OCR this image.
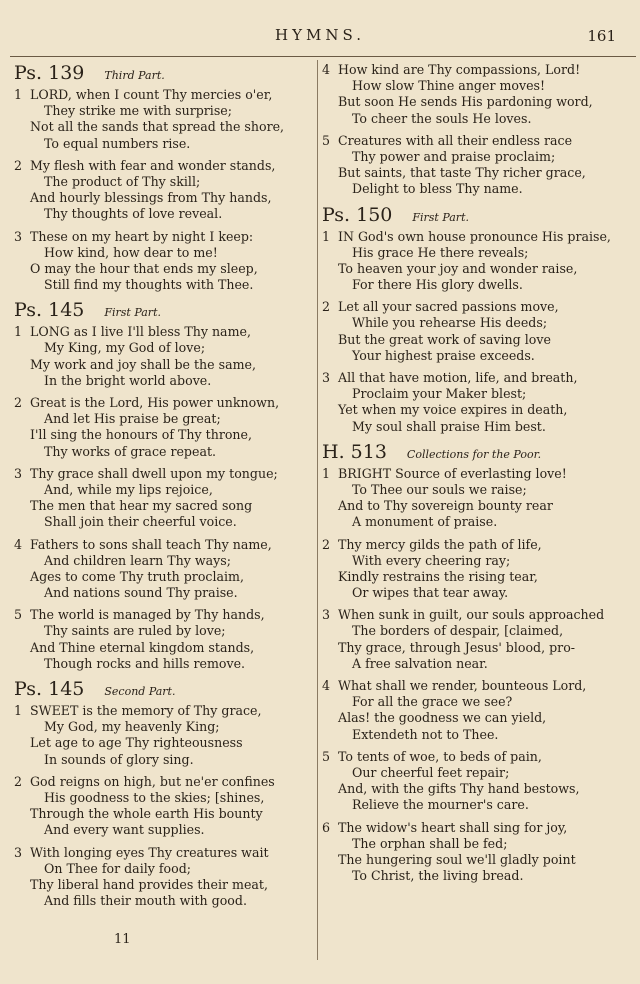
HYMNS.	161
Ps. 139 Third Part.
1 LORD, when I count Thy mercies o'er,
They strike me with surprise;
Not all the sands that spread the shore,
To equal numbers rise.
2 My flesh with fear and wonder stands,
The product of Thy skill;
And hourly blessings from Thy hands,
Thy thoughts of love reveal.
3 These on my heart by night I keep:
How kind, how dear to me!
O may the hour that ends my sleep,
Still find my thoughts with Thee.
Ps. 145 First Part.
1 LONG as I live I'll bless Thy name,
My King, my God of love;
My work and joy shall be the same,
In the bright world above.
2 Great is the Lord, His power unknown,
And let His praise be great;
I'll sing the honours of Thy throne,
Thy works of grace repeat.
3 Thy grace shall dwell upon my tongue;
And, while my lips rejoice,
The men that hear my sacred song
Shall join their cheerful voice.
4 Fathers to sons shall teach Thy name,
And children learn Thy ways;
Ages to come Thy truth proclaim,
And nations sound Thy praise.
5 The world is managed by Thy hands,
Thy saints are ruled by love;
And Thine eternal kingdom stands,
Though rocks and hills remove.
Ps. 145 Second Part.
1 SWEET is the memory of Thy grace,
My God, my heavenly King;
Let age to age Thy righteousness
In sounds of glory sing.
2 God reigns on high, but ne'er confines
His goodness to the skies; [shines,
Through the whole earth His bounty
And every want supplies.
3 With longing eyes Thy creatures wait
On Thee for daily food;
Thy liberal hand provides their meat,
And fills their mouth with good.
4 How kind are Thy compassions, Lord!
How slow Thine anger moves!
But soon He sends His pardoning word,
To cheer the souls He loves.
5 Creatures with all their endless race
Thy power and praise proclaim;
But saints, that taste Thy richer grace,
Delight to bless Thy name.
Ps. 150 First Part.
1 IN God's own house pronounce His praise,
His grace He there reveals;
To heaven your joy and wonder raise,
For there His glory dwells.
2 Let all your sacred passions move,
While you rehearse His deeds;
But the great work of saving love
Your highest praise exceeds.
3 All that have motion, life, and breath,
Proclaim your Maker blest;
Yet when my voice expires in death,
My soul shall praise Him best.
H. 513 Collections for the Poor.
1 BRIGHT Source of everlasting love!
To Thee our souls we raise;
And to Thy sovereign bounty rear
A monument of praise.
2 Thy mercy gilds the path of life,
With every cheering ray;
Kindly restrains the rising tear,
Or wipes that tear away.
3 When sunk in guilt, our souls approached
The borders of despair, [claimed,
Thy grace, through Jesus' blood, pro-
A free salvation near.
4 What shall we render, bounteous Lord,
For all the grace we see?
Alas! the goodness we can yield,
Extendeth not to Thee.
5 To tents of woe, to beds of pain,
Our cheerful feet repair;
And, with the gifts Thy hand bestows,
Relieve the mourner's care.
6 The widow's heart shall sing for joy,
The orphan shall be fed;
The hungering soul we'll gladly point
To Christ, the living bread.
11
